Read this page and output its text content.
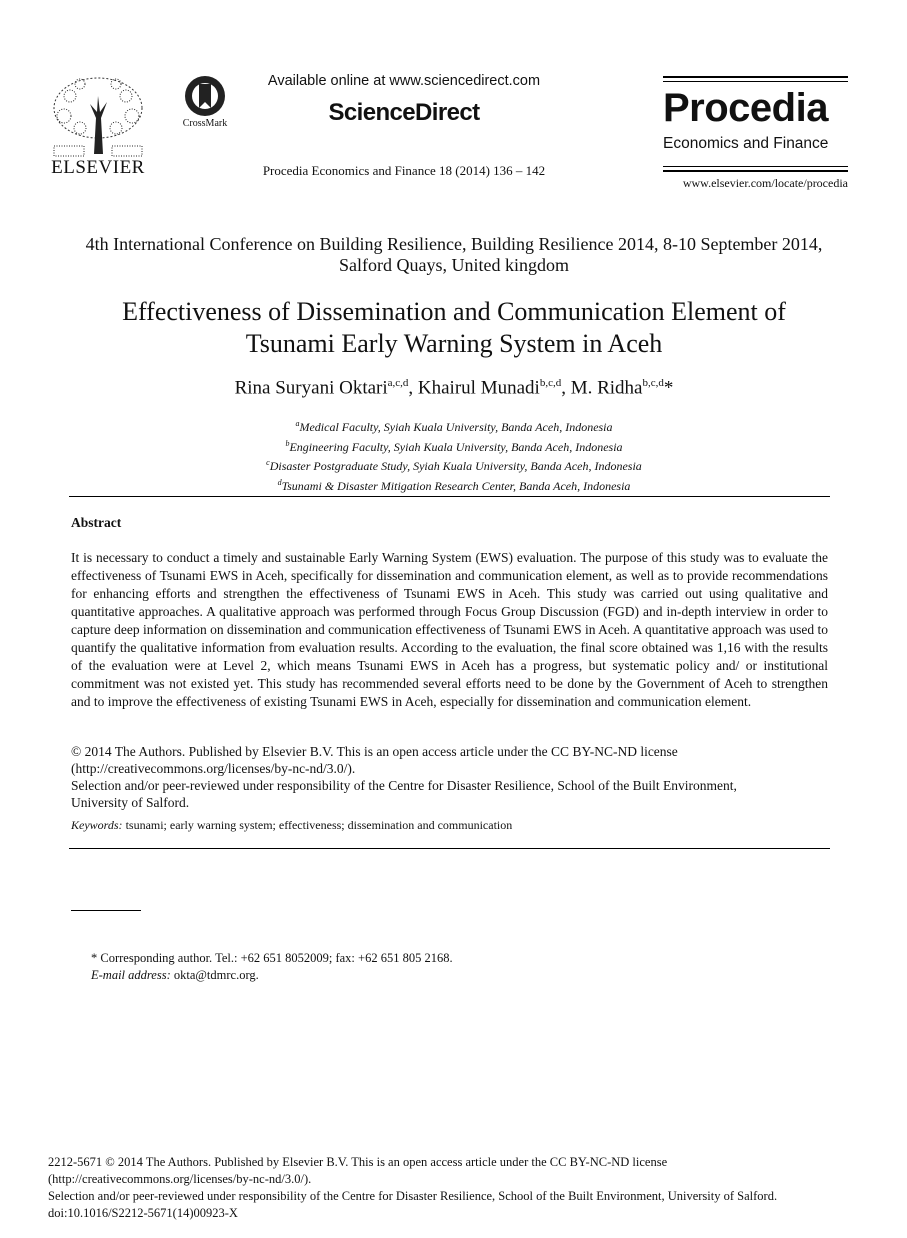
ELSEVIER
CrossMark
Available online at www.sciencedirect.com
ScienceDirect
Procedia Economics and Finance 18 (2014) 136 – 142
Procedia
Economics and Finance
www.elsevier.com/locate/procedia
4th International Conference on Building Resilience, Building Resilience 2014, 8-10 September 2014, Salford Quays, United kingdom
Effectiveness of Dissemination and Communication Element of
Tsunami Early Warning System in Aceh
Rina Suryani Oktari$^{a,c,d}$, Khairul Munadi$^{b,c,d}$, M. Ridha$^{b,c,d}$*
$^a$Medical Faculty, Syiah Kuala University, Banda Aceh, Indonesia
$^b$Engineering Faculty, Syiah Kuala University, Banda Aceh, Indonesia
$^c$Disaster Postgraduate Study, Syiah Kuala University, Banda Aceh, Indonesia
$^d$Tsunami & Disaster Mitigation Research Center, Banda Aceh, Indonesia
Abstract
It is necessary to conduct a timely and sustainable Early Warning System (EWS) evaluation. The purpose of this study was to evaluate the effectiveness of Tsunami EWS in Aceh, specifically for dissemination and communication element, as well as to provide recommendations for enhancing efforts and strengthen the effectiveness of Tsunami EWS in Aceh. This study was carried out using qualitative and quantitative approaches. A qualitative approach was performed through Focus Group Discussion (FGD) and in-depth interview in order to capture deep information on dissemination and communication effectiveness of Tsunami EWS in Aceh. A quantitative approach was used to quantify the qualitative information from evaluation results. According to the evaluation, the final score obtained was 1,16 with the results of the evaluation were at Level 2, which means Tsunami EWS in Aceh has a progress, but systematic policy and/ or institutional commitment was not existed yet. This study has recommended several efforts need to be done by the Government of Aceh to strengthen and to improve the effectiveness of existing Tsunami EWS in Aceh, especially for dissemination and communication element.
© 2014 The Authors. Published by Elsevier B.V. This is an open access article under the CC BY-NC-ND license
(http://creativecommons.org/licenses/by-nc-nd/3.0/).
Selection and/or peer-reviewed under responsibility of the Centre for Disaster Resilience, School of the Built Environment,
University of Salford.
Keywords: tsunami; early warning system; effectiveness; dissemination and communication
* Corresponding author. Tel.: +62 651 8052009; fax: +62 651 805 2168.
E-mail address: okta@tdmrc.org.
2212-5671 © 2014 The Authors. Published by Elsevier B.V. This is an open access article under the CC BY-NC-ND license
(http://creativecommons.org/licenses/by-nc-nd/3.0/).
Selection and/or peer-reviewed under responsibility of the Centre for Disaster Resilience, School of the Built Environment, University of Salford.
doi:10.1016/S2212-5671(14)00923-X
